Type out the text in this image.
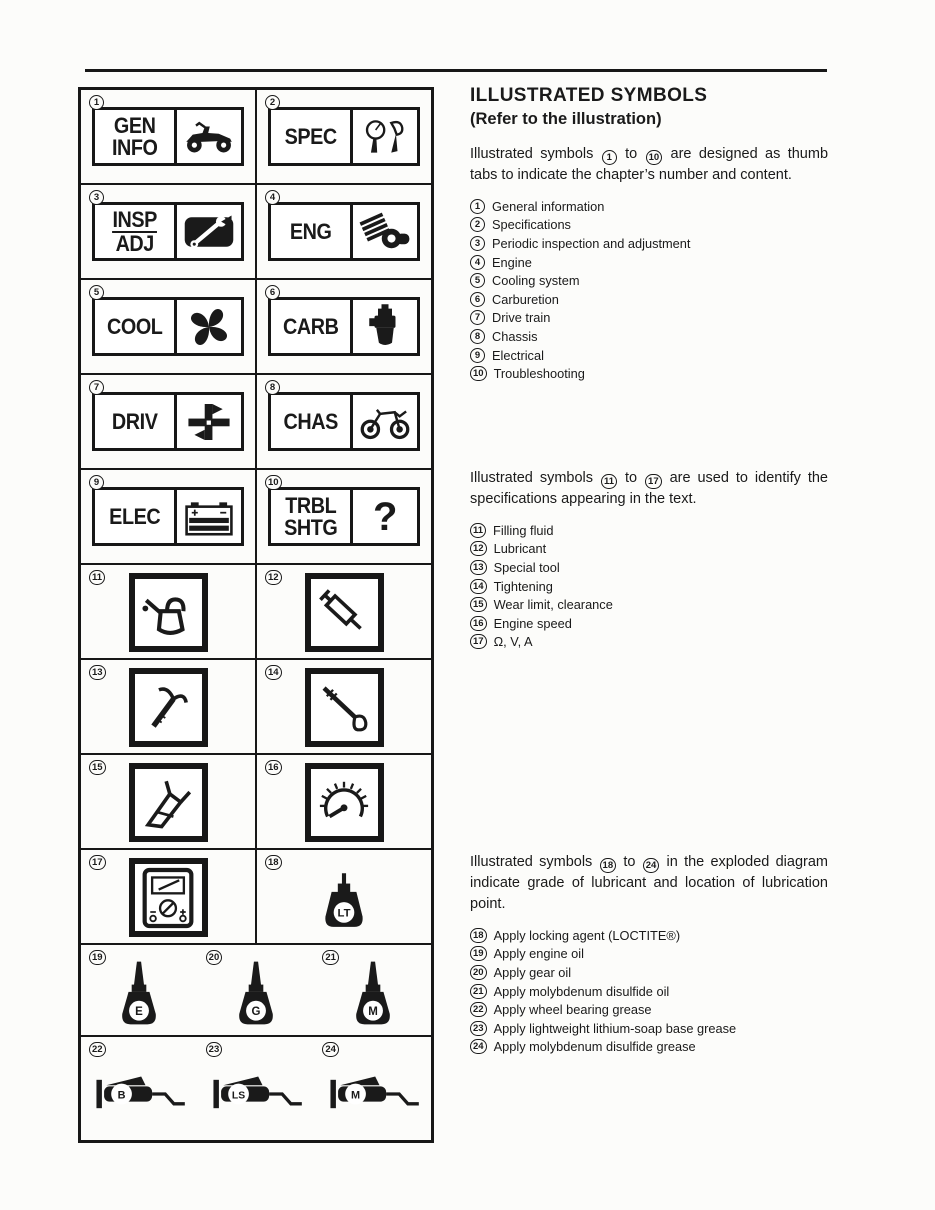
1
GEN
INFO
2
SPEC
3
INSP
ADJ
4
ENG
5
COOL
6
CARB
7
DRIV
8
CHAS
9
ELEC
10
TRBL
SHTG ?
11	12
13	14
15	16
17	18
LT
19
E
20
G
21
M
22
B
23
LS
24
M
ILLUSTRATED SYMBOLS
(Refer to the illustration)

Illustrated symbols 1 to 10 are designed as thumb tabs to indicate the chapter’s number and content.

1 General information
2 Specifications
3 Periodic inspection and adjustment
4 Engine
5 Cooling system
6 Carburetion
7 Drive train
8 Chassis
9 Electrical
10 Troubleshooting

Illustrated symbols 11 to 17 are used to identify the specifications appearing in the text.

11 Filling fluid
12 Lubricant
13 Special tool
14 Tightening
15 Wear limit, clearance
16 Engine speed
17 Ω, V, A

Illustrated symbols 18 to 24 in the exploded diagram indicate grade of lubricant and location of lubrication point.

18 Apply locking agent (LOCTITE®)
19 Apply engine oil
20 Apply gear oil
21 Apply molybdenum disulfide oil
22 Apply wheel bearing grease
23 Apply lightweight lithium-soap base grease
24 Apply molybdenum disulfide grease
